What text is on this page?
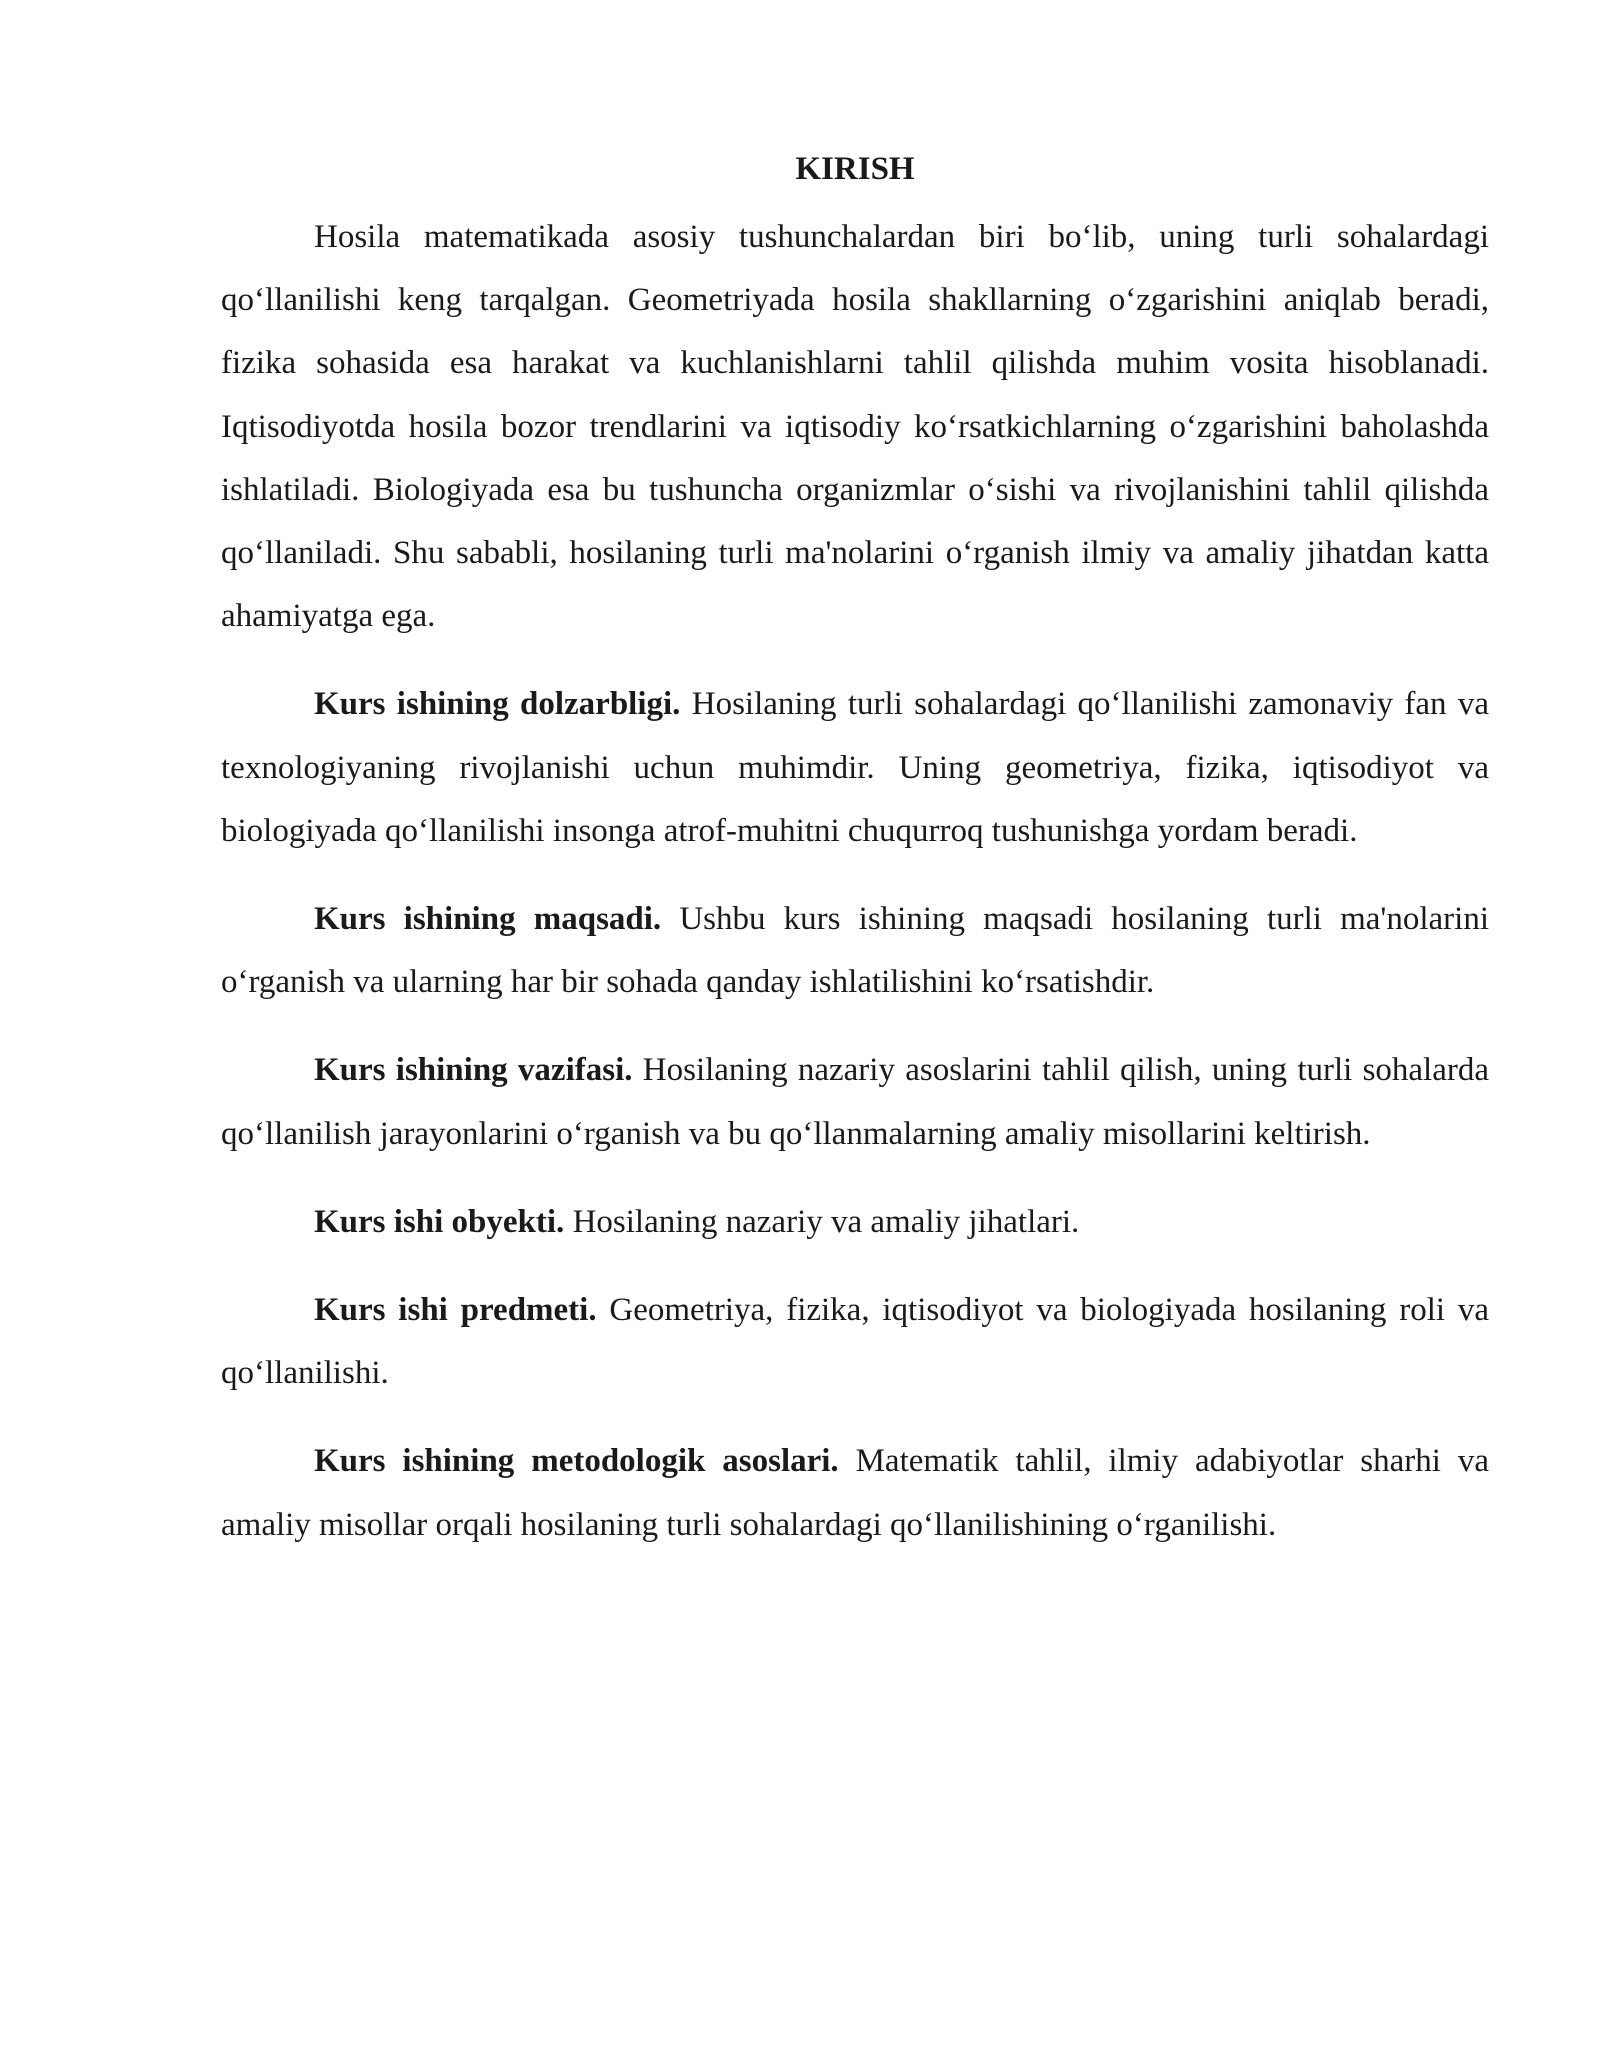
KIRISH

Hosila matematikada asosiy tushunchalardan biri bo‘lib, uning turli sohalardagi qo‘llanilishi keng tarqalgan. Geometriyada hosila shakllarning o‘zgarishini aniqlab beradi, fizika sohasida esa harakat va kuchlanishlarni tahlil qilishda muhim vosita hisoblanadi. Iqtisodiyotda hosila bozor trendlarini va iqtisodiy ko‘rsatkichlarning o‘zgarishini baholashda ishlatiladi. Biologiyada esa bu tushuncha organizmlar o‘sishi va rivojlanishini tahlil qilishda qo‘llaniladi. Shu sababli, hosilaning turli ma'nolarini o‘rganish ilmiy va amaliy jihatdan katta ahamiyatga ega.

Kurs ishining dolzarbligi. Hosilaning turli sohalardagi qo‘llanilishi zamonaviy fan va texnologiyaning rivojlanishi uchun muhimdir. Uning geometriya, fizika, iqtisodiyot va biologiyada qo‘llanilishi insonga atrof-muhitni chuqurroq tushunishga yordam beradi.

Kurs ishining maqsadi. Ushbu kurs ishining maqsadi hosilaning turli ma'nolarini o‘rganish va ularning har bir sohada qanday ishlatilishini ko‘rsatishdir.

Kurs ishining vazifasi. Hosilaning nazariy asoslarini tahlil qilish, uning turli sohalarda qo‘llanilish jarayonlarini o‘rganish va bu qo‘llanmalarning amaliy misollarini keltirish.

Kurs ishi obyekti. Hosilaning nazariy va amaliy jihatlari.

Kurs ishi predmeti. Geometriya, fizika, iqtisodiyot va biologiyada hosilaning roli va qo‘llanilishi.

Kurs ishining metodologik asoslari. Matematik tahlil, ilmiy adabiyotlar sharhi va amaliy misollar orqali hosilaning turli sohalardagi qo‘llanilishining o‘rganilishi.
